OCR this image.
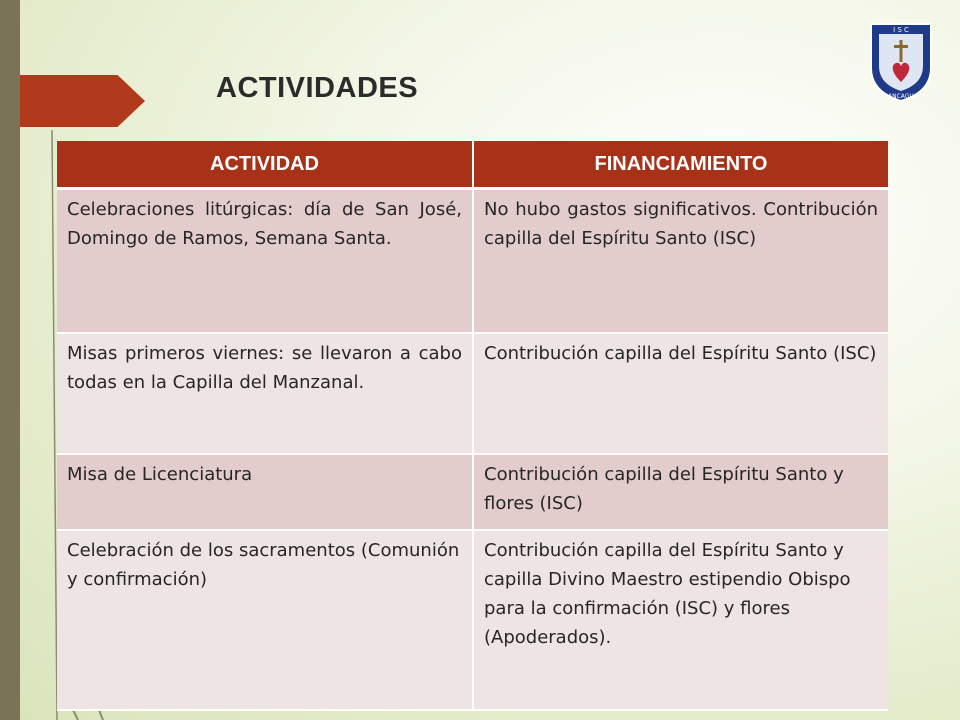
ACTIVIDADES
I S C
RANCAGUA
ACTIVIDAD	FINANCIAMIENTO
Celebraciones litúrgicas: día de San José, Domingo de Ramos, Semana Santa.	No hubo gastos significativos. Contribución capilla del Espíritu Santo (ISC)
Misas primeros viernes: se llevaron a cabo todas en la Capilla del Manzanal.	Contribución capilla del Espíritu Santo (ISC)
Misa de Licenciatura	Contribución capilla del Espíritu Santo y flores (ISC)
Celebración de los sacramentos (Comunión y confirmación)	Contribución capilla del Espíritu Santo y capilla Divino Maestro estipendio Obispo para la confirmación (ISC) y flores (Apoderados).
